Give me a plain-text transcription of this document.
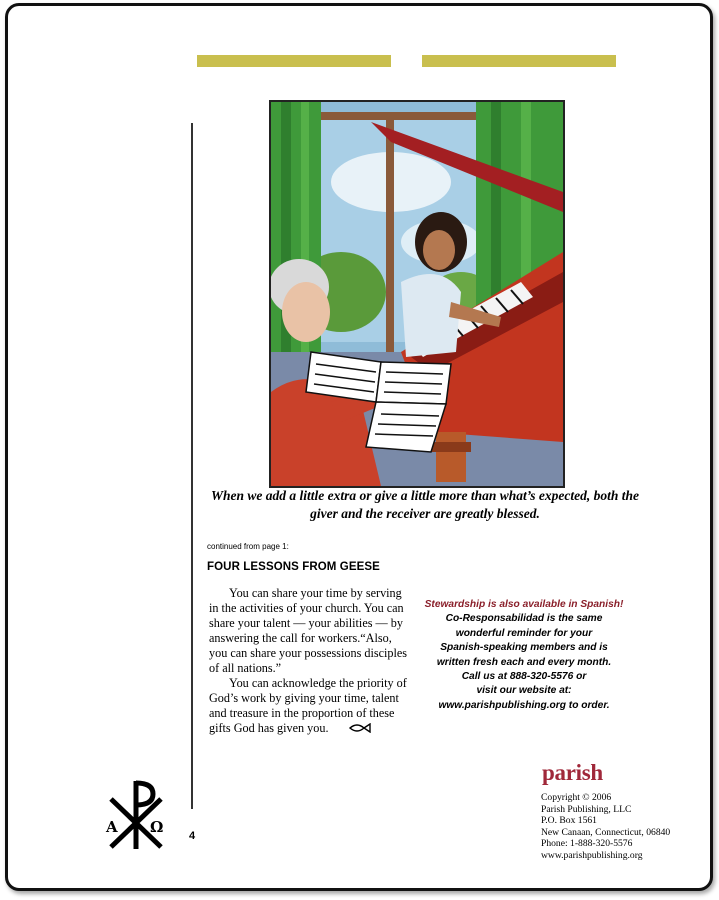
When we add a little extra or give a little more than what’s expected, both the giver and the receiver are greatly blessed.
continued from page 1:
FOUR LESSONS FROM GEESE

You can share your time by serving in the activities of your church. You can share your talent — your abilities — by answering the call for workers.“Also, you can share your possessions disciples of all nations.”

You can acknowledge the priority of God’s work by giving your time, talent and treasure in the proportion of these gifts God has given you.

Stewardship is also available in Spanish!
Co-Responsabilidad is the same
wonderful reminder for your
Spanish-speaking members and is
written fresh each and every month.
Call us at 888-320-5576 or
visit our website at:
www.parishpublishing.org to order.
parish
Copyright © 2006
Parish Publishing, LLC
P.O. Box 1561
New Canaan, Connecticut, 06840
Phone: 1-888-320-5576
www.parishpublishing.org
4
A Ω
